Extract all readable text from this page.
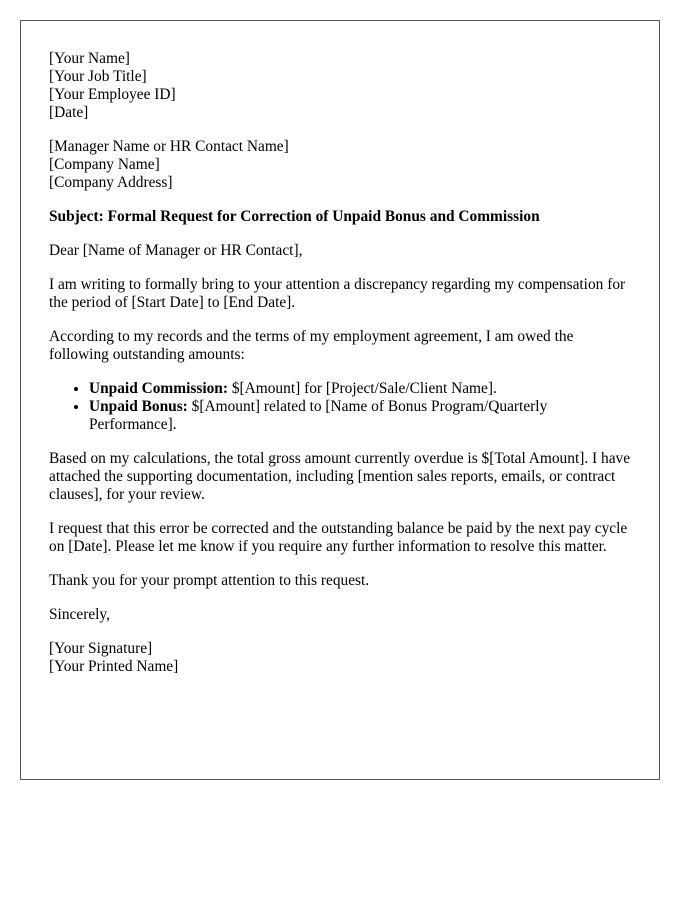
[Your Name]
[Your Job Title]
[Your Employee ID]
[Date]
[Manager Name or HR Contact Name]
[Company Name]
[Company Address]

Subject: Formal Request for Correction of Unpaid Bonus and Commission

Dear [Name of Manager or HR Contact],

I am writing to formally bring to your attention a discrepancy regarding my compensation for the period of [Start Date] to [End Date].

According to my records and the terms of my employment agreement, I am owed the following outstanding amounts:

• Unpaid Commission: $[Amount] for [Project/Sale/Client Name].
• Unpaid Bonus: $[Amount] related to [Name of Bonus Program/Quarterly Performance].

Based on my calculations, the total gross amount currently overdue is $[Total Amount]. I have attached the supporting documentation, including [mention sales reports, emails, or contract clauses], for your review.

I request that this error be corrected and the outstanding balance be paid by the next pay cycle on [Date]. Please let me know if you require any further information to resolve this matter.

Thank you for your prompt attention to this request.

Sincerely,

[Your Signature]
[Your Printed Name]
